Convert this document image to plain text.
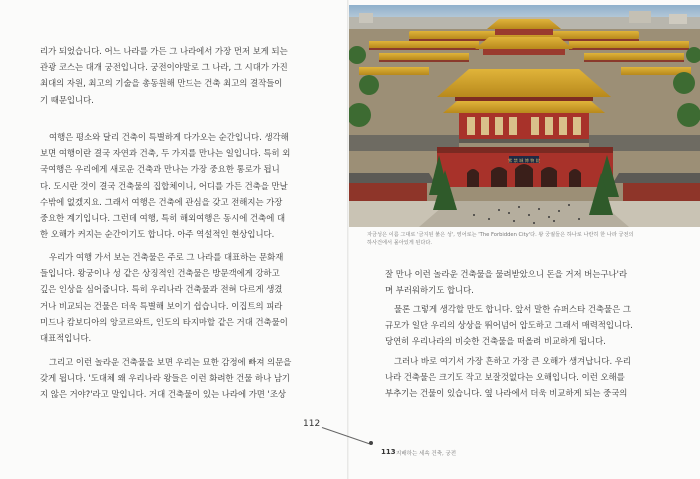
리가 되었습니다. 어느 나라를 가든 그 나라에서 가장 먼저 보게 되는
관광 코스는 대개 궁전입니다. 궁전이야말로 그 나라, 그 시대가 가진
최대의 자원, 최고의 기술을 총동원해 만드는 건축 최고의 결작들이
기 때문입니다.
여행은 평소와 달리 건축이 특별하게 다가오는 순간입니다. 생각해
보면 여행이란 결국 자연과 건축, 두 가지를 만나는 일입니다. 특히 외
국여행은 우리에게 새로운 건축과 만나는 가장 중요한 통로가 됩니
다. 도시란 것이 결국 건축물의 집합체이니, 어디를 가든 건축을 만날
수밖에 없겠지요. 그래서 여행은 건축에 관심을 갖고 전해지는 가장
중요한 계기입니다. 그런데 여행, 특히 해외여행은 동시에 건축에 대
한 오해가 커지는 순간이기도 합니다. 아주 역설적인 현상입니다.
우리가 여행 가서 보는 건축물은 주로 그 나라를 대표하는 문화재
들입니다. 왕궁이나 성 같은 상징적인 건축물은 방문객에게 강하고
깊은 인상을 심어줍니다. 특히 우리나라 건축물과 전혀 다르게 생겼
거나 비교되는 건물은 더욱 특별해 보이기 쉽습니다. 이집트의 피라
미드나 캄보디아의 앙코르와트, 인도의 타지마할 같은 거대 건축물이
대표적입니다.
그리고 이런 놀라운 건축물을 보면 우리는 묘한 감정에 빠져 의문을
갖게 됩니다. '도대체 왜 우리나라 왕들은 이런 화려한 건물 하나 남기
지 않은 거야?'라고 말입니다. 거대 건축물이 있는 나라에 가면 '조상
112
紫 禁 城 博 物 院
자금성은 이름 그대로 '금지된 붉은 성', 영어로는 'The Forbidden City'다. 왕 궁궐들은 하나로 나란히 한 나라 궁전의
하사건에서 몰아있게 된다다.
잘 만나 이런 놀라운 건축물을 물려받았으니 돈을 거저 버는구나'라
며 부러워하기도 합니다.
물론 그렇게 생각할 만도 합니다. 앞서 말한 슈퍼스타 건축물은 그
규모가 일단 우리의 상상을 뛰어넘어 압도하고 그래서 매력적입니다.
당연히 우리나라의 비슷한 건축물을 떠올려 비교하게 됩니다.
그러나 바로 여기서 가장 흔하고 가장 큰 오해가 생겨납니다. 우리
나라 건축물은 크기도 작고 보잘것없다는 오해입니다. 이런 오해를
부추기는 건물이 있습니다. 옆 나라에서 더욱 비교하게 되는 중국의
113 지배하는 세속 건축, 궁전
